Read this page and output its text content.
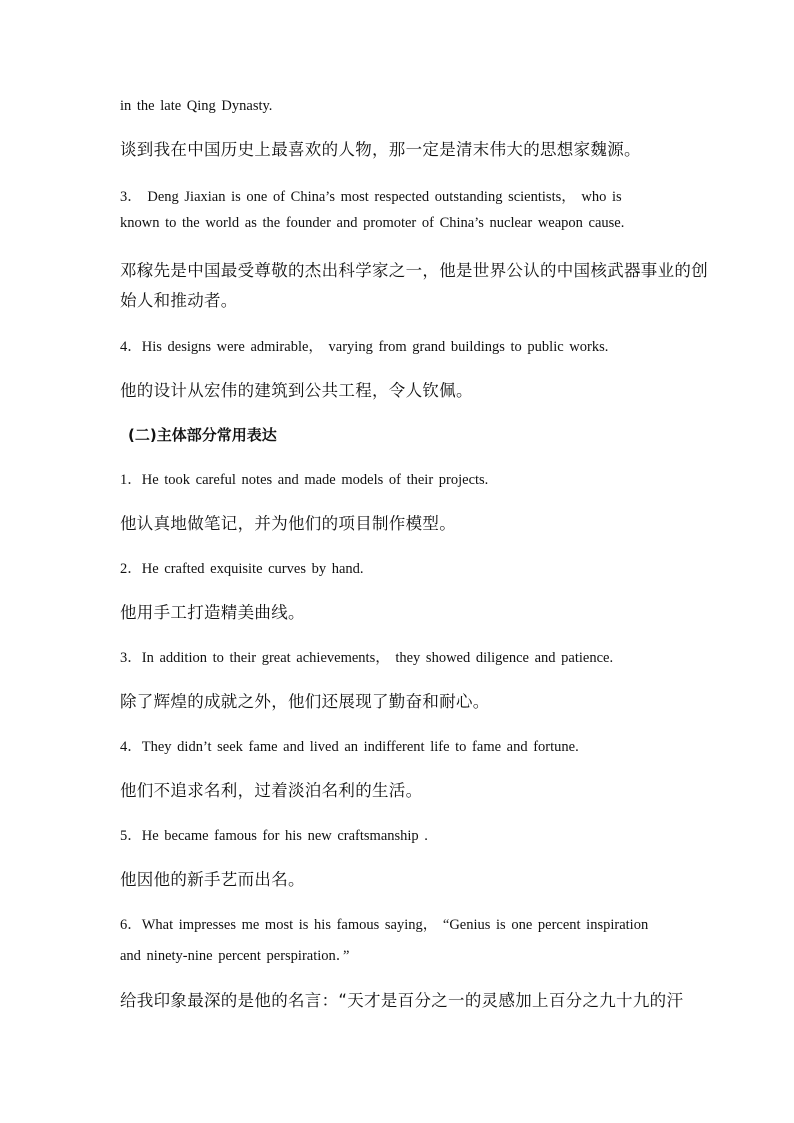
in the late Qing Dynasty.
谈到我在中国历史上最喜欢的人物，那一定是清末伟大的思想家魏源。
3． Deng Jiaxian is one of China’s most respected outstanding scientists， who is
known to the world as the founder and promoter of China’s nuclear weapon cause.
邓稼先是中国最受尊敬的杰出科学家之一，他是世界公认的中国核武器事业的创
始人和推动者。
4．His designs were admirable， varying from grand buildings to public works.
他的设计从宏伟的建筑到公共工程，令人钦佩。
(二)主体部分常用表达
1．He took careful notes and made models of their projects.
他认真地做笔记，并为他们的项目制作模型。
2．He crafted exquisite curves by hand.
他用手工打造精美曲线。
3．In addition to their great achievements， they showed diligence and patience.
除了辉煌的成就之外，他们还展现了勤奋和耐心。
4．They didn’t seek fame and lived an indifferent life to fame and fortune.
他们不追求名利，过着淡泊名利的生活。
5．He became famous for his new craftsmanship .
他因他的新手艺而出名。
6．What impresses me most is his famous saying， “Genius is one percent inspiration
and ninety-nine percent perspiration．”
给我印象最深的是他的名言：“天才是百分之一的灵感加上百分之九十九的汗
